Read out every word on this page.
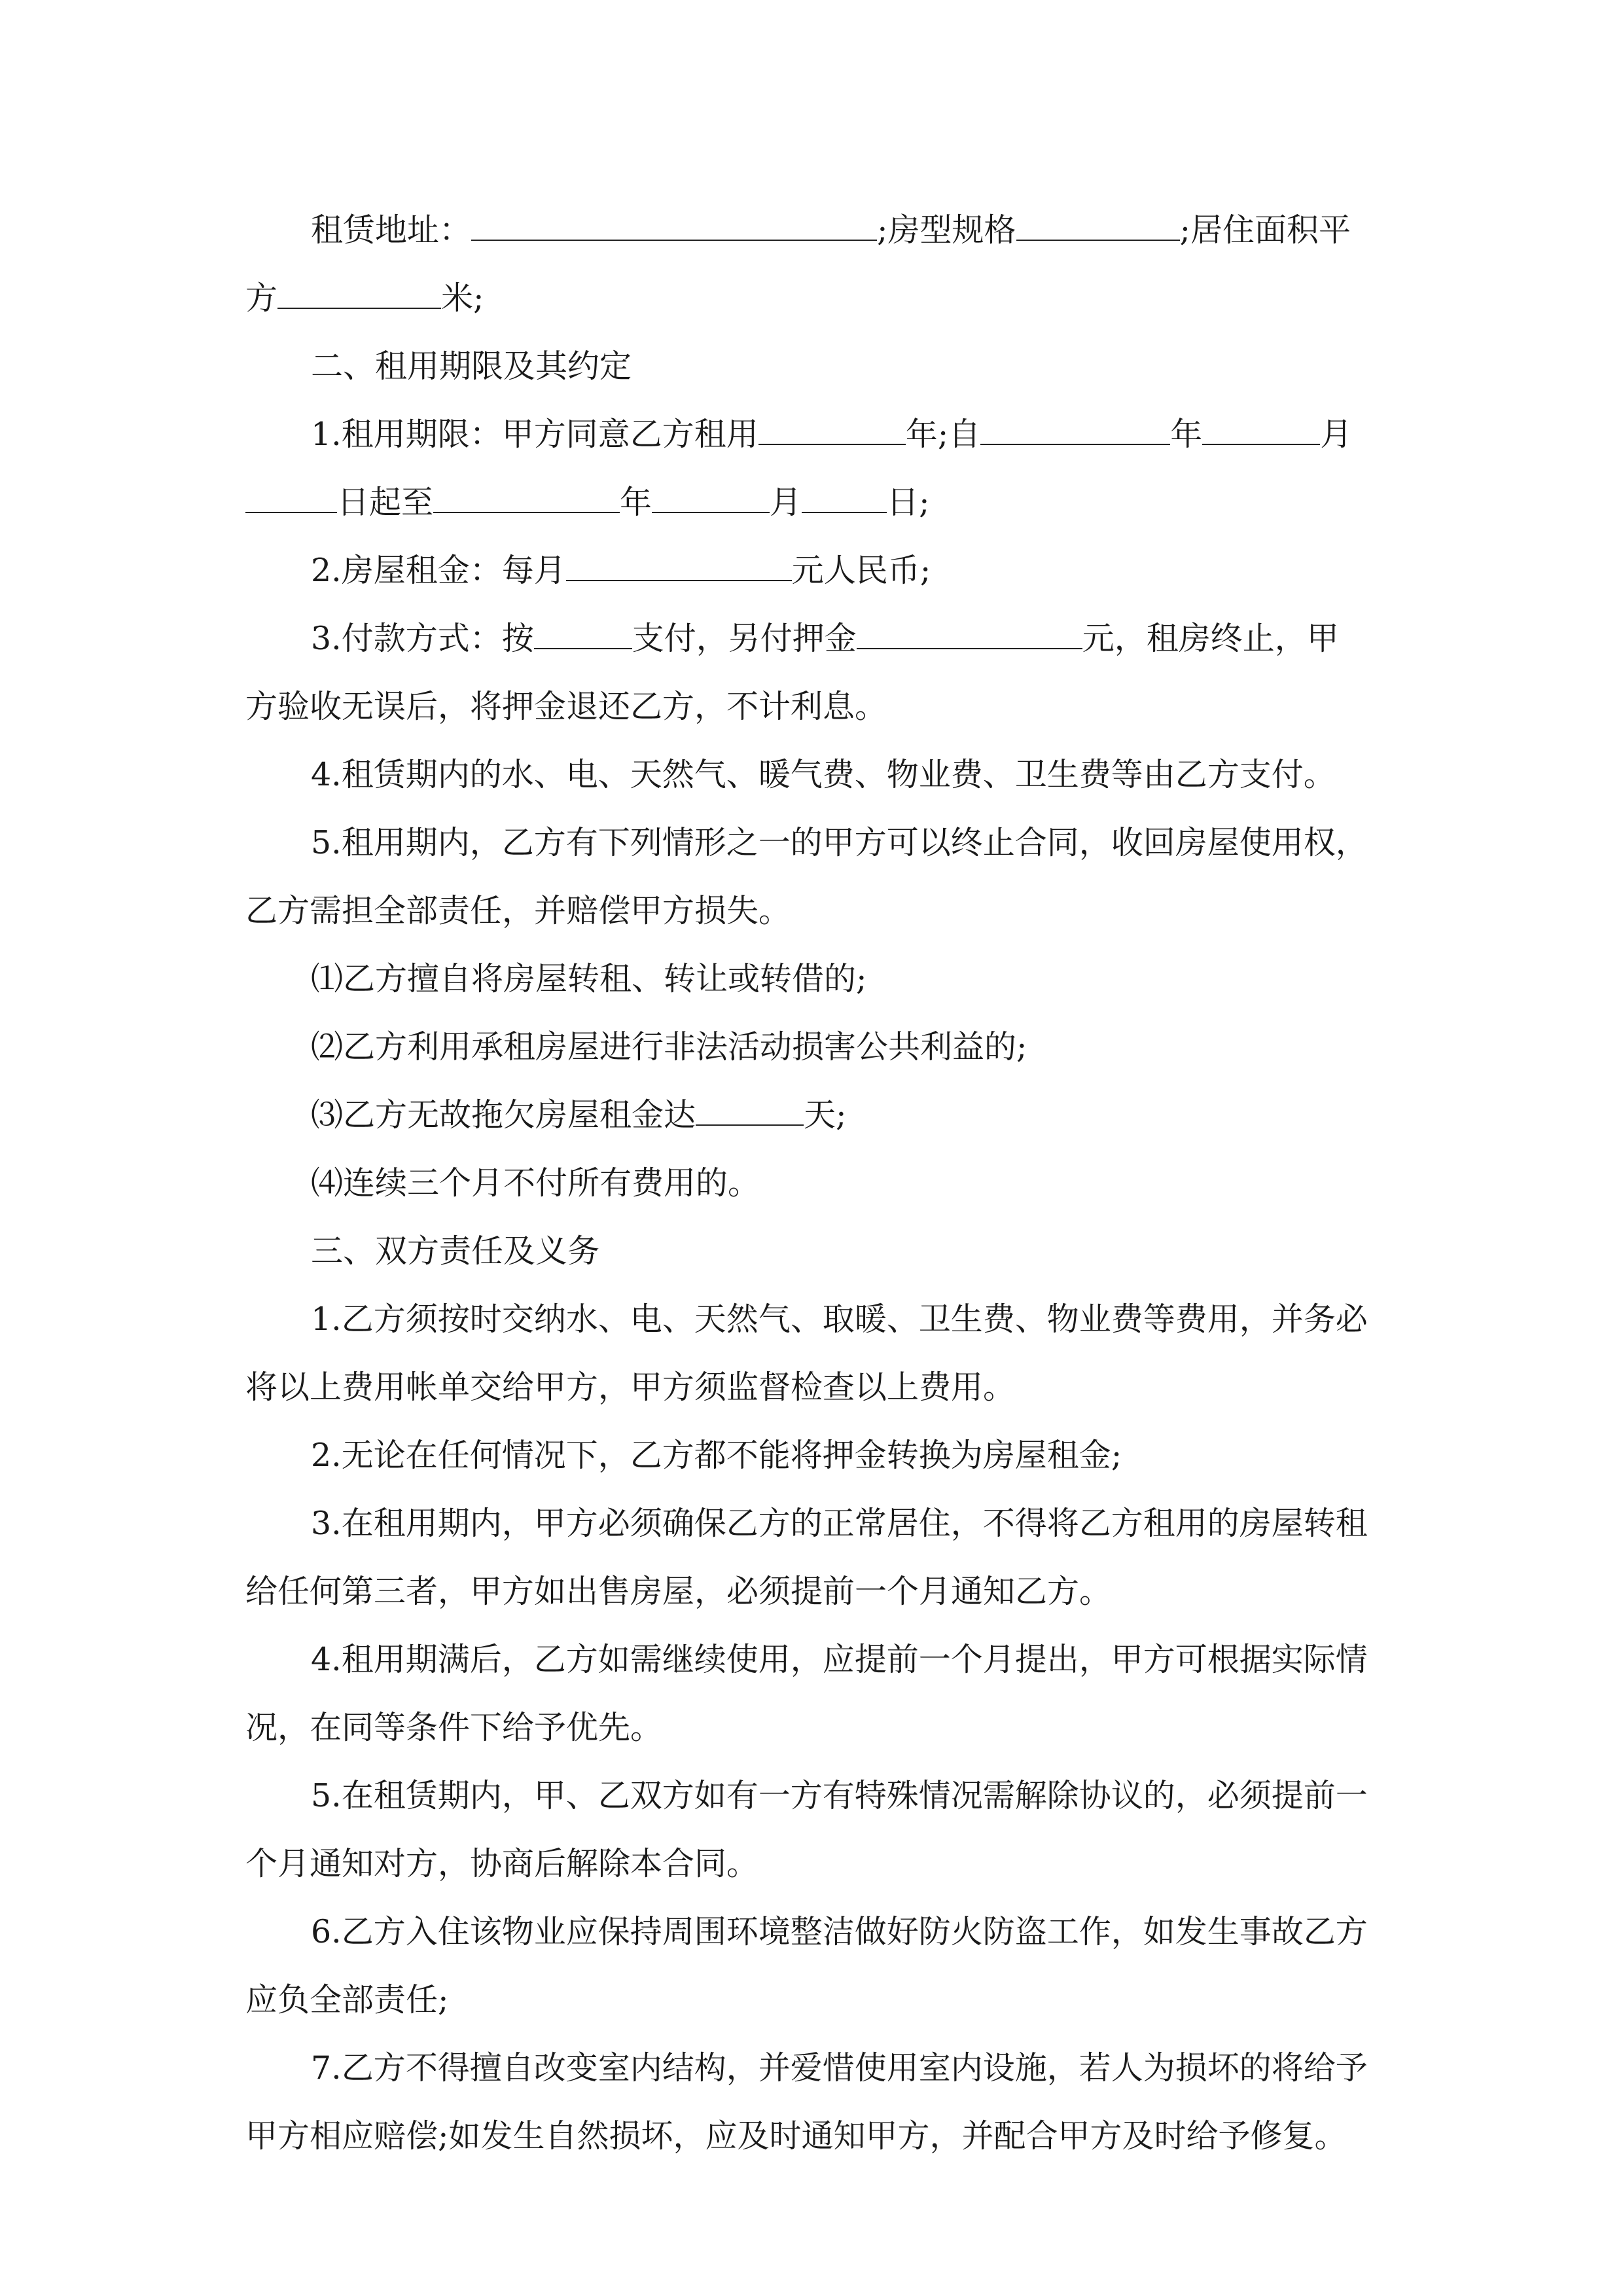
租赁地址：	;房型规格	;居住面积平
方	米;
二、租用期限及其约定
1.租用期限：甲方同意乙方租用	年;自	年	月
日起至	年	月	日;
2.房屋租金：每月	元人民币;
3.付款方式：按	支付，另付押金	元，租房终止，甲
方验收无误后，将押金退还乙方，不计利息。
4.租赁期内的水、电、天然气、暖气费、物业费、卫生费等由乙方支付。
5.租用期内，乙方有下列情形之一的甲方可以终止合同，收回房屋使用权，
乙方需担全部责任，并赔偿甲方损失。
⑴乙方擅自将房屋转租、转让或转借的;
⑵乙方利用承租房屋进行非法活动损害公共利益的;
⑶乙方无故拖欠房屋租金达	天;
⑷连续三个月不付所有费用的。
三、双方责任及义务
1.乙方须按时交纳水、电、天然气、取暖、卫生费、物业费等费用，并务必
将以上费用帐单交给甲方，甲方须监督检查以上费用。
2.无论在任何情况下，乙方都不能将押金转换为房屋租金;
3.在租用期内，甲方必须确保乙方的正常居住，不得将乙方租用的房屋转租
给任何第三者，甲方如出售房屋，必须提前一个月通知乙方。
4.租用期满后，乙方如需继续使用，应提前一个月提出，甲方可根据实际情
况，在同等条件下给予优先。
5.在租赁期内，甲、乙双方如有一方有特殊情况需解除协议的，必须提前一
个月通知对方，协商后解除本合同。
6.乙方入住该物业应保持周围环境整洁做好防火防盗工作，如发生事故乙方
应负全部责任;
7.乙方不得擅自改变室内结构，并爱惜使用室内设施，若人为损坏的将给予
甲方相应赔偿;如发生自然损坏，应及时通知甲方，并配合甲方及时给予修复。
